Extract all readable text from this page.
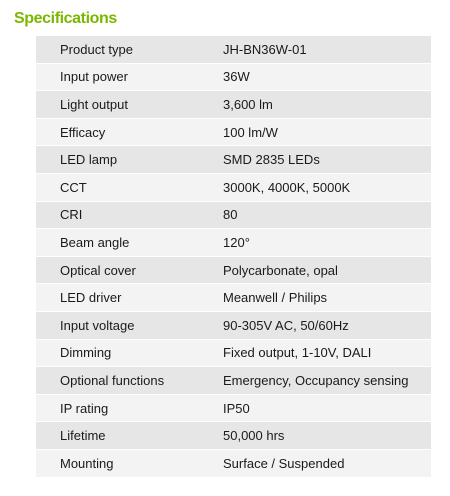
Specifications
Product type	JH-BN36W-01
Input power	36W
Light output	3,600 lm
Efficacy	100 lm/W
LED lamp	SMD 2835 LEDs
CCT	3000K, 4000K, 5000K
CRI	80
Beam angle	120°
Optical cover	Polycarbonate, opal
LED driver	Meanwell / Philips
Input voltage	90-305V AC, 50/60Hz
Dimming	Fixed output, 1-10V, DALI
Optional functions	Emergency, Occupancy sensing
IP rating	IP50
Lifetime	50,000 hrs
Mounting	Surface / Suspended
